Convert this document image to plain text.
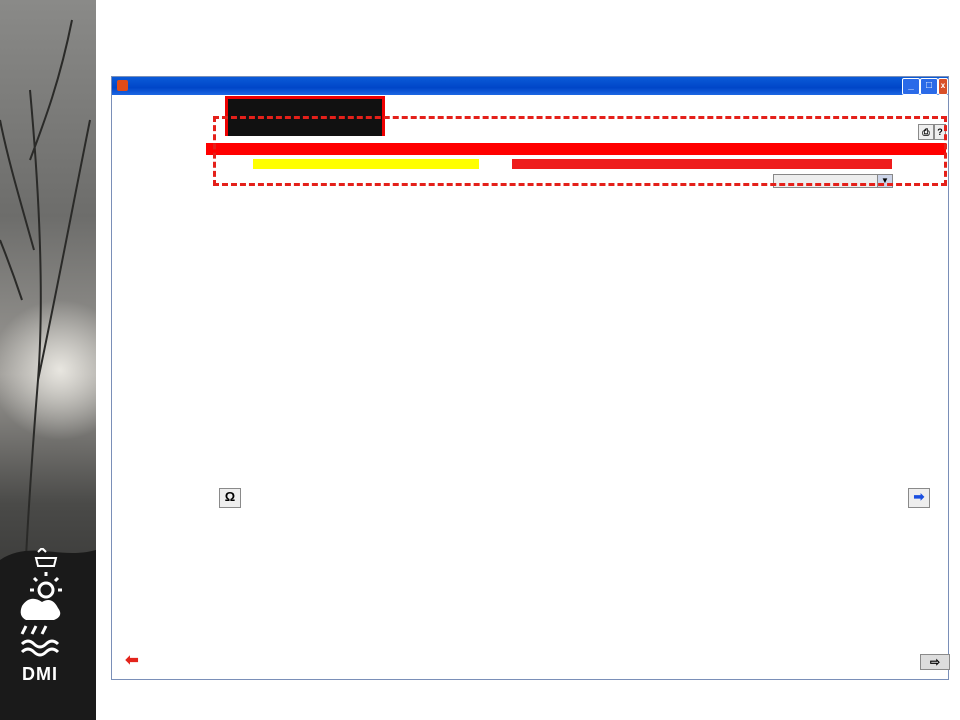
DMI
_	□	x
⎙ ?
▼
Ω	➡
⬅	⇨
